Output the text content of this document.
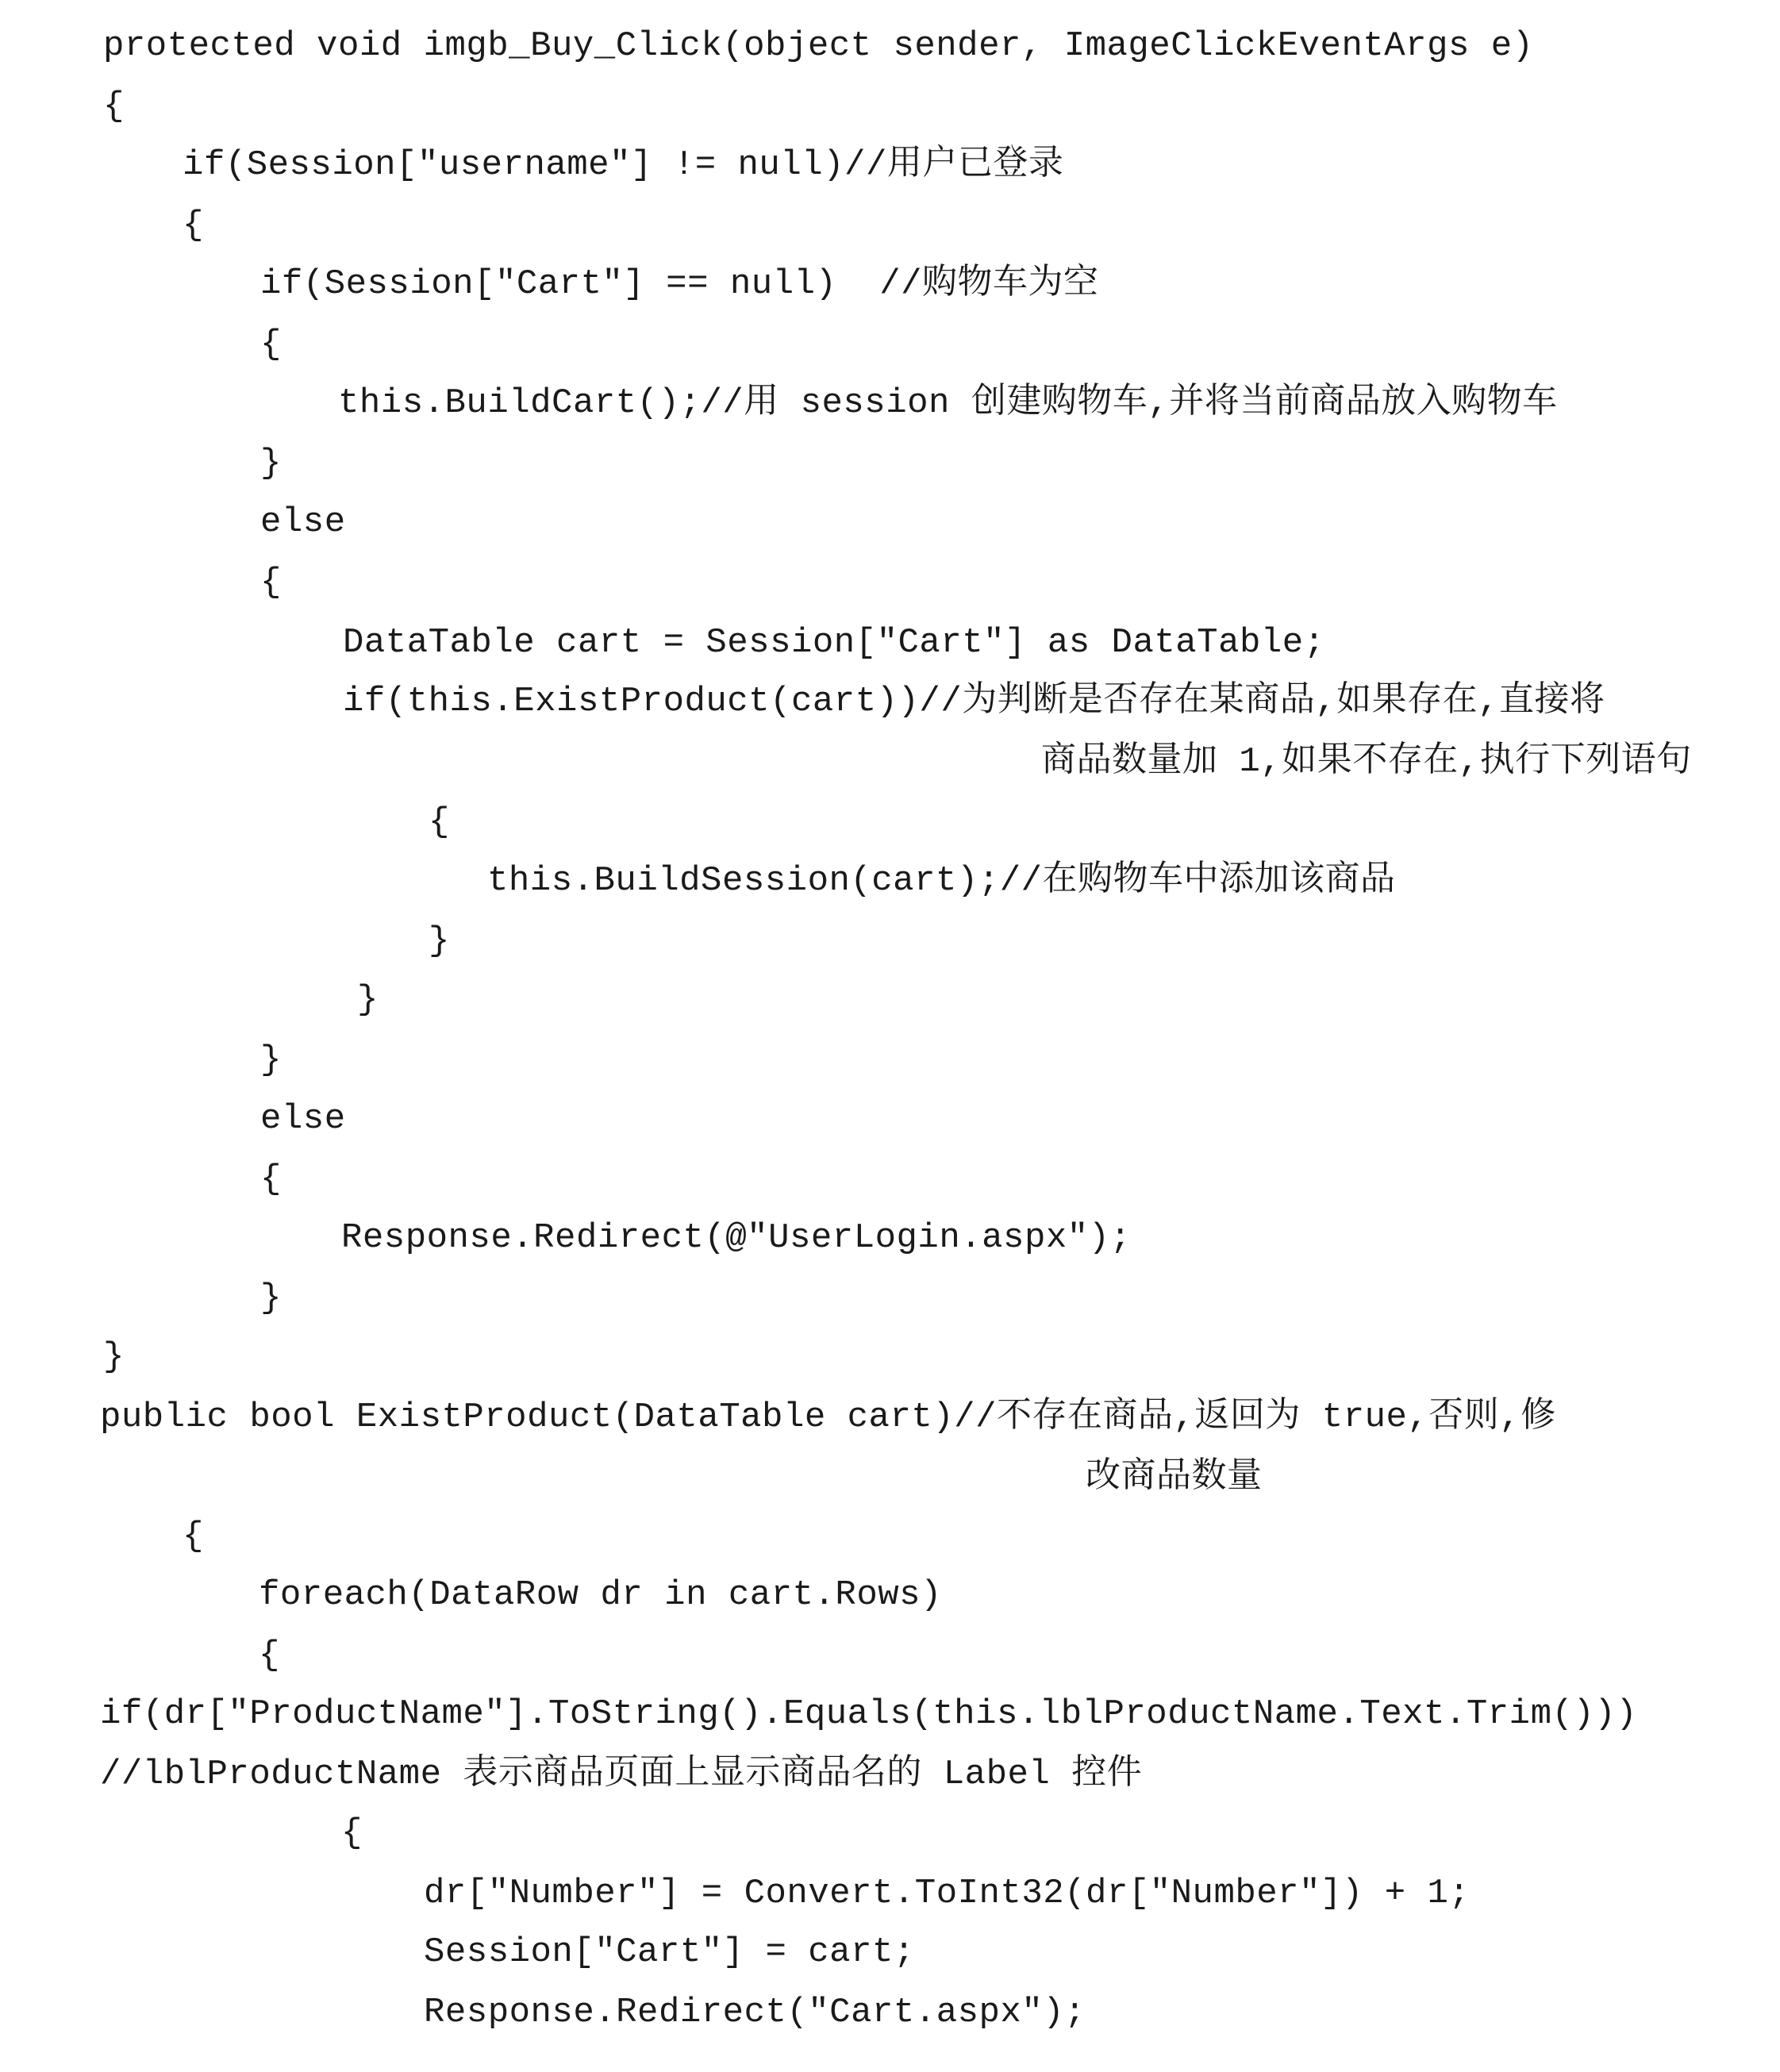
protected void imgb_Buy_Click(object sender, ImageClickEventArgs e)
{
if(Session["username"] != null)//用户已登录
{
if(Session["Cart"] == null)  //购物车为空
{
this.BuildCart();//用 session 创建购物车,并将当前商品放入购物车
}
else
{
DataTable cart = Session["Cart"] as DataTable;
if(this.ExistProduct(cart))//为判断是否存在某商品,如果存在,直接将
商品数量加 1,如果不存在,执行下列语句
{
this.BuildSession(cart);//在购物车中添加该商品
}
}
}
else
{
Response.Redirect(@"UserLogin.aspx");
}
}
public bool ExistProduct(DataTable cart)//不存在商品,返回为 true,否则,修
改商品数量
{
foreach(DataRow dr in cart.Rows)
{
if(dr["ProductName"].ToString().Equals(this.lblProductName.Text.Trim()))
//lblProductName 表示商品页面上显示商品名的 Label 控件
{
dr["Number"] = Convert.ToInt32(dr["Number"]) + 1;
Session["Cart"] = cart;
Response.Redirect("Cart.aspx");
